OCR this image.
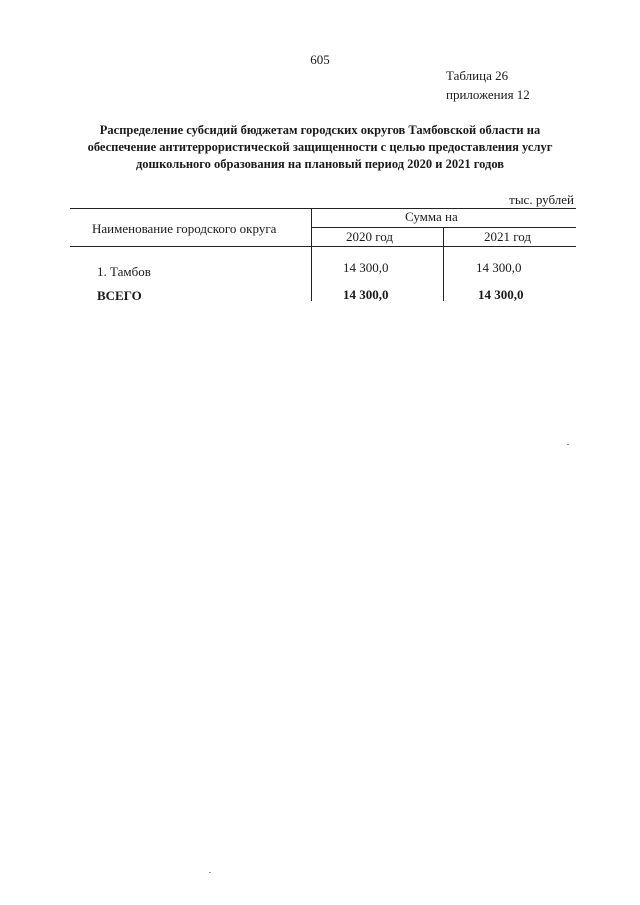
605
Таблица 26
приложения 12
Распределение субсидий бюджетам городских округов Тамбовской области на
обеспечение антитеррористической защищенности с целью предоставления услуг
дошкольного образования на плановый период 2020 и 2021 годов
тыс. рублей
Наименование городского округа
Сумма на
2020 год	2021 год
1. Тамбов	14 300,0	14 300,0
ВСЕГО	14 300,0	14 300,0
